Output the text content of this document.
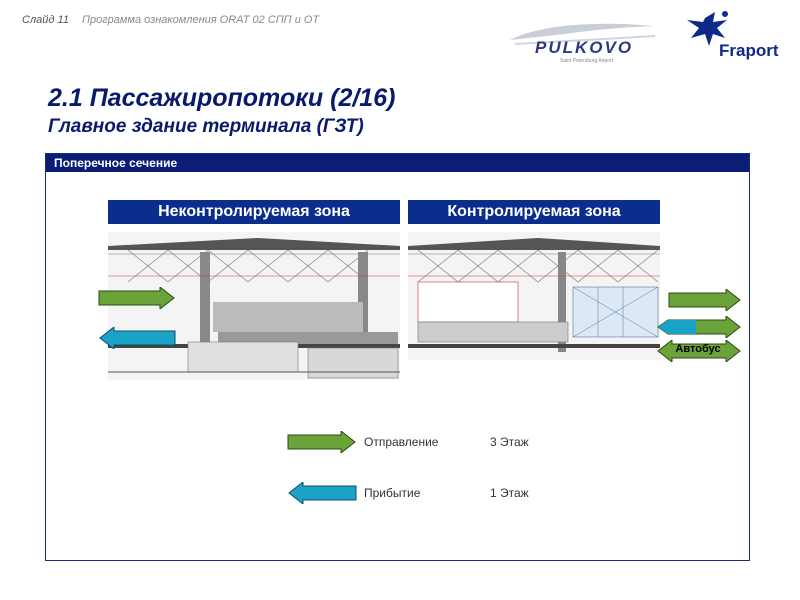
Слайд 11 Программа ознакомления ORAT 02 СПП и ОТ
PULKOVO
Saint Petersburg Airport
Fraport
2.1 Пассажиропотоки (2/16)
Главное здание терминала (ГЗТ)
Поперечное сечение
Неконтролируемая зона	Контролируемая зона
Автобус
Отправление	3 Этаж
Прибытие	1 Этаж
